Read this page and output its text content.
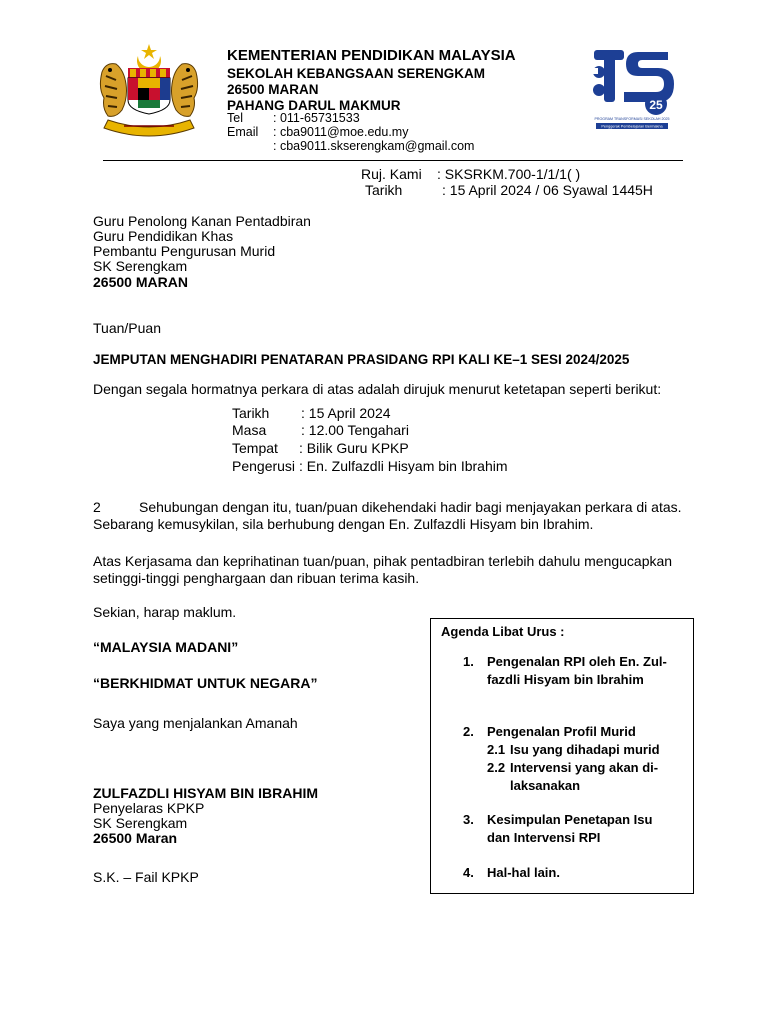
KEMENTERIAN PENDIDIKAN MALAYSIA
SEKOLAH KEBANGSAAN SERENGKAM
26500 MARAN
PAHANG DARUL MAKMUR
Tel : 011-65731533
Email : cba9011@moe.edu.my
: cba9011.skserengkam@gmail.com
25
PROGRAM TRANSFORMASI SEKOLAH 2025
Penggerak Pembelajaran Bermakna
Ruj. Kami : SKSRKM.700-1/1/1( )
Tarikh	: 15 April 2024 / 06 Syawal 1445H
Guru Penolong Kanan Pentadbiran
Guru Pendidikan Khas
Pembantu Pengurusan Murid
SK Serengkam
26500 MARAN
Tuan/Puan
JEMPUTAN MENGHADIRI PENATARAN PRASIDANG RPI KALI KE–1 SESI 2024/2025
Dengan segala hormatnya perkara di atas adalah dirujuk menurut ketetapan seperti berikut:
Tarikh : 15 April 2024
Masa : 12.00 Tengahari
Tempat : Bilik Guru KPKP
Pengerusi : En. Zulfazdli Hisyam bin Ibrahim
2	Sehubungan dengan itu, tuan/puan dikehendaki hadir bagi menjayakan perkara di atas.
Sebarang kemusykilan, sila berhubung dengan En. Zulfazdli Hisyam bin Ibrahim.
Atas Kerjasama dan keprihatinan tuan/puan, pihak pentadbiran terlebih dahulu mengucapkan
setinggi-tinggi penghargaan dan ribuan terima kasih.
Sekian, harap maklum.
“MALAYSIA MADANI”
“BERKHIDMAT UNTUK NEGARA”
Saya yang menjalankan Amanah
ZULFAZDLI HISYAM BIN IBRAHIM
Penyelaras KPKP
SK Serengkam
26500 Maran
S.K. – Fail KPKP
Agenda Libat Urus :
1. Pengenalan RPI oleh En. Zul-
fazdli Hisyam bin Ibrahim
2. Pengenalan Profil Murid
2.1 Isu yang dihadapi murid
2.2 Intervensi yang akan di-
laksanakan
3. Kesimpulan Penetapan Isu
dan Intervensi RPI
4. Hal-hal lain.
